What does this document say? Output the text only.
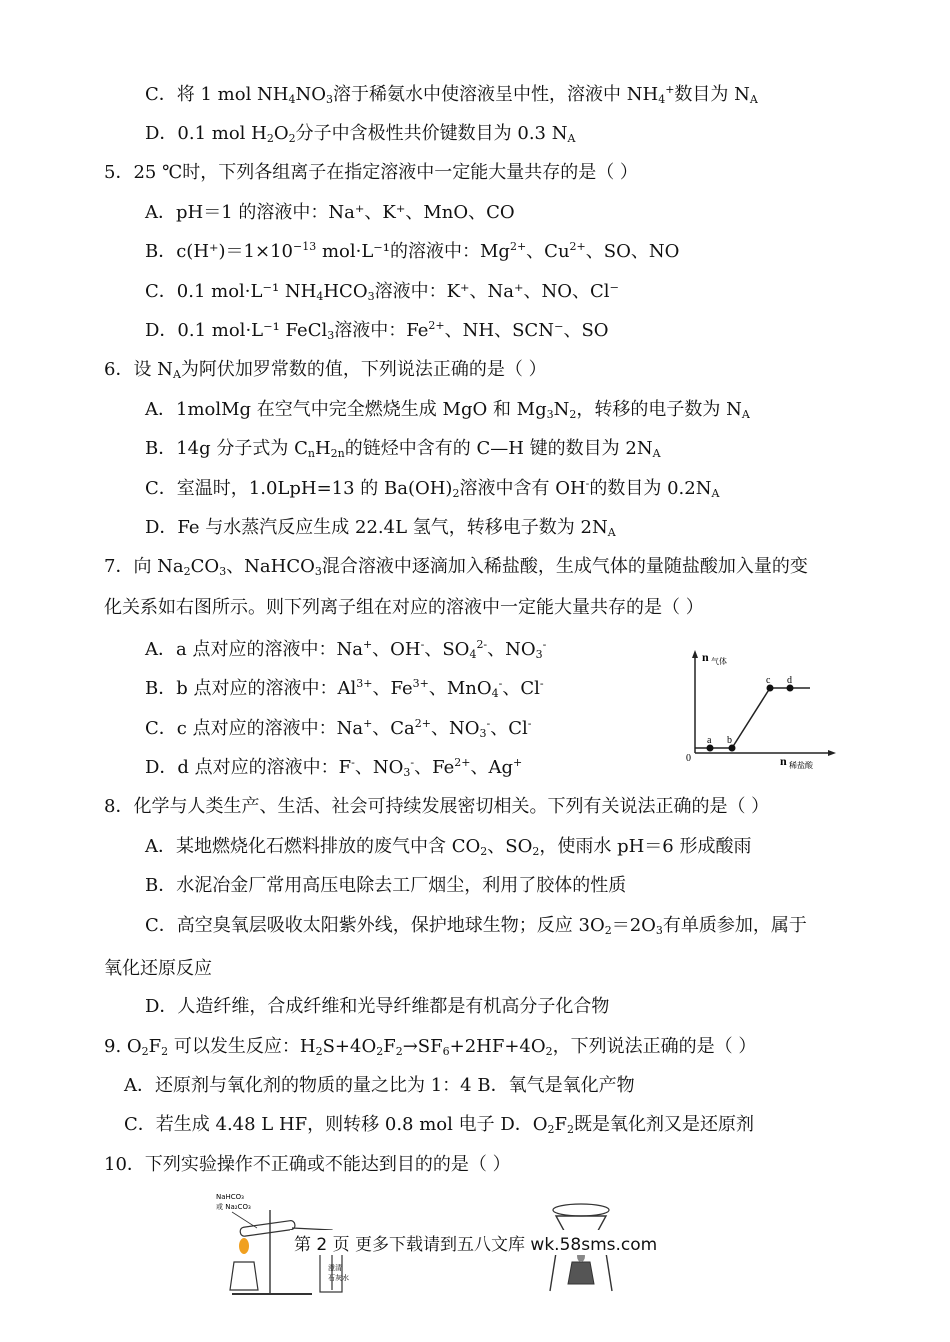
C．将 1 mol $NH_4NO_3$溶于稀氨水中使溶液呈中性，溶液中 $NH_4^+$数目为 $N_A$
D．0.1 mol $H_2O_2$分子中含极性共价键数目为 0.3 $N_A$
5．25 ℃时，下列各组离子在指定溶液中一定能大量共存的是（ ）
A．pH＝1 的溶液中：Na⁺、K⁺、MnO、CO
B．$c(H^+)=1\times 10^{-13}$ mol·L⁻¹的溶液中：$Mg^{2+}$、$Cu^{2+}$、SO、NO
C．0.1 mol·L⁻¹ $NH_4HCO_3$溶液中：K⁺、Na⁺、NO、Cl⁻
D．0.1 mol·L⁻¹ FeCl$_3$溶液中：$Fe^{2+}$、NH、SCN⁻、SO
6．设 $N_A$为阿伏加罗常数的值，下列说法正确的是（ ）
A．1molMg 在空气中完全燃烧生成 MgO 和 $Mg_3N_2$，转移的电子数为 $N_A$
B．14g 分子式为 $C_nH_{2n}$的链烃中含有的 C—H 键的数目为 $2N_A$
C．室温时，1.0LpH=13 的 $Ba(OH)_2$溶液中含有 OH-的数目为 $0.2N_A$
D．Fe 与水蒸汽反应生成 22.4L 氢气，转移电子数为 $2N_A$
7．向 $Na_2CO_3$、NaHCO$_3$混合溶液中逐滴加入稀盐酸，生成气体的量随盐酸加入量的变
化关系如右图所示。则下列离子组在对应的溶液中一定能大量共存的是（ ）
A．a 点对应的溶液中：Na+、OH-、$SO_4^{2-}$、$NO_3^-$
B．b 点对应的溶液中：$Al^{3+}$、$Fe^{3+}$、MnO$_4$-、Cl-
C．c 点对应的溶液中：Na+、$Ca^{2+}$、$NO_3^-$、Cl-
D．d 点对应的溶液中：F-、$NO_3^-$、$Fe^{2+}$、Ag+
n 气体
n 稀盐酸
0
a b
c d
8．化学与人类生产、生活、社会可持续发展密切相关。下列有关说法正确的是（ ）
A．某地燃烧化石燃料排放的废气中含 $CO_2$、$SO_2$，使雨水 pH＝6 形成酸雨
B．水泥冶金厂常用高压电除去工厂烟尘，利用了胶体的性质
C．高空臭氧层吸收太阳紫外线，保护地球生物；反应 $3O_2=2O_3$有单质参加，属于
氧化还原反应
D．人造纤维，合成纤维和光导纤维都是有机高分子化合物
9. $O_2F_2$ 可以发生反应：$H_2S+4O_2F_2\to SF_6+2HF+4O_2$，下列说法正确的是（ ）
A．还原剂与氧化剂的物质的量之比为 1：4 B．氧气是氧化产物
C．若生成 4.48 L HF，则转移 0.8 mol 电子 D．$O_2F_2$既是氧化剂又是还原剂
10．下列实验操作不正确或不能达到目的的是（ ）
NaHCO₃
或 Na₂CO₃
澄清
石灰水
第 2 页 更多下载请到五八文库 wk.58sms.com
